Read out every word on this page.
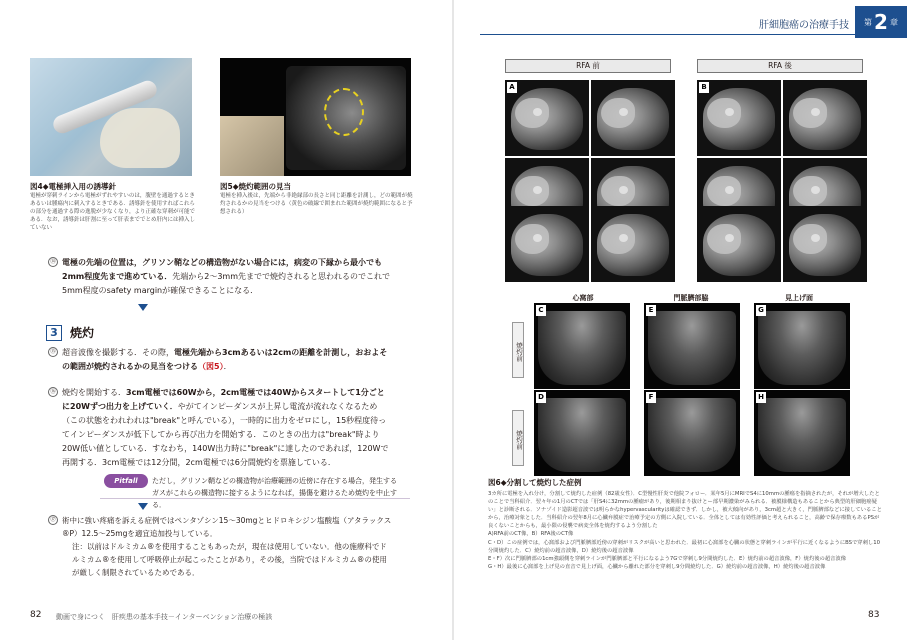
図4◆電極挿入用の誘導針
電極が穿刺ラインから電極がずれやすいのは，腹壁を通過するときあるいは腫瘍内に刺入するときである．誘導針を使用すればこれらの部分を通過する際の逸脱が少なくなり，より正確な穿刺が可能である．なお，誘導針は肝割に至って肝表まででとめ肝内には挿入していない
図5◆焼灼範囲の見当
電極を挿入後は，先端から非絶縁部の長さと同じ距離を計測し，どの範囲が焼灼されるかの見当をつける（黄色の破線で囲まれた範囲が焼灼範囲になると予想される）
⑭ 電極の先端の位置は，グリソン鞘などの構造物がない場合には，病変の下縁から最小でも2mm程度先まで進めている．先端から2～3mm先までで焼灼されると思われるのでこれで5mm程度のsafety marginが確保できることになる．
3	焼灼
⑮ 超音波像を撮影する．その際，電極先端から3cmあるいは2cmの距離を計測し，おおよその範囲が焼灼されるかの見当をつける（図5）．
⑯ 焼灼を開始する．3cm電極では60Wから，2cm電極では40Wからスタートして1分ごとに20Wずつ出力を上げていく．やがてインピーダンスが上昇し電流が流れなくなるため（この状態をわれわれは"break"と呼んでいる），一時的に出力をゼロにし，15秒程度待ってインピーダンスが低下してから再び出力を開始する．このときの出力は"break"時より20W低い値としている．すなわち，140W出力時に"break"に達したのであれば，120Wで再開する．3cm電極では12分間，2cm電極では6分間焼灼を票施している．
Pitfall	ただし，グリソン鞘などの構造物が治療範囲の近傍に存在する場合，発生するガスがこれらの構造物に接するようになれば，揚傷を避けるため焼灼を中止する．
⑰ 術中に強い疼痛を訴える症例ではペンタゾシン15～30mgとヒドロキシジン塩酸塩（アタラックス®P）12.5～25mgを適宜追加投与している．
注：以前はドルミカム®を使用することもあったが，現在は使用していない．他の施療科でドルミカム®を使用して呼吸停止が起こったことがあり，その後，当院ではドルミカム®の使用が厳しく制限されているためである．
82 動画で身につく　肝疾患の基本手技－インターベンション治療の極該
肝細胞癌の治療手技 第 2 章
RFA 前	RFA 後
A	B
心窩部	門脈臍部脇	見上げ面
焼灼前
焼灼前
C	E	G
D	F	H
図6◆分割して焼灼した症例
3カ所に電極を入れ分け，分割して焼灼した症例（82歳女性）．C型慢性肝炎で他院フォロー．某年5月にMRIでS4に10mmの腫瘍を指摘されたが，それが増大したとのことで当科紹介．翌々年の1月のCTでは「肝S4に32mmの腫瘤があり，後期相まり抜けとー部早期濃染がみられる．被膜様構造もあることから典型的肝細胞癌疑い」と診断される．ソナゾイド造影超音波では明らかなhypervascularityは確認できず．しかし，被大傾向があり，3cm超と大きく，門脈臍部などに接していることから，治療対象とした．当科紹介の翌年8月に心臓弁膜症で治療予定の方側に入院している．全体としては有効性評価と考えられること，高齢で保存療数もあるPSが良くないことからも，最小限の侵襲で病変全体を焼灼するよう分割した
A)RFA前のCT像，B）RFA後のCT像
C・D）この症例では，心窩部および門脈臍部近傍の穿刺がリスクが高いと思われた．最初に心窩部を心臓の状態と穿刺ラインが平行に近くなるようにBSで穿刺し10分間焼灼した．C）焼灼前の超音波像，D）焼灼後の超音波像
E・F）次に門脈臍部の1cm強頭側を穿刺ラインが門脈臍部と平行になるよう7Gで穿刺し9分間焼灼した．E）焼灼前の超音波像，F）焼灼後の超音波像
G・H）最後に心窩部を上げ見の直音で見上げ面，心臓から離れた部分を穿刺し9分間焼灼した．G）焼灼前の超音波像，H）焼灼後の超音波像
83
